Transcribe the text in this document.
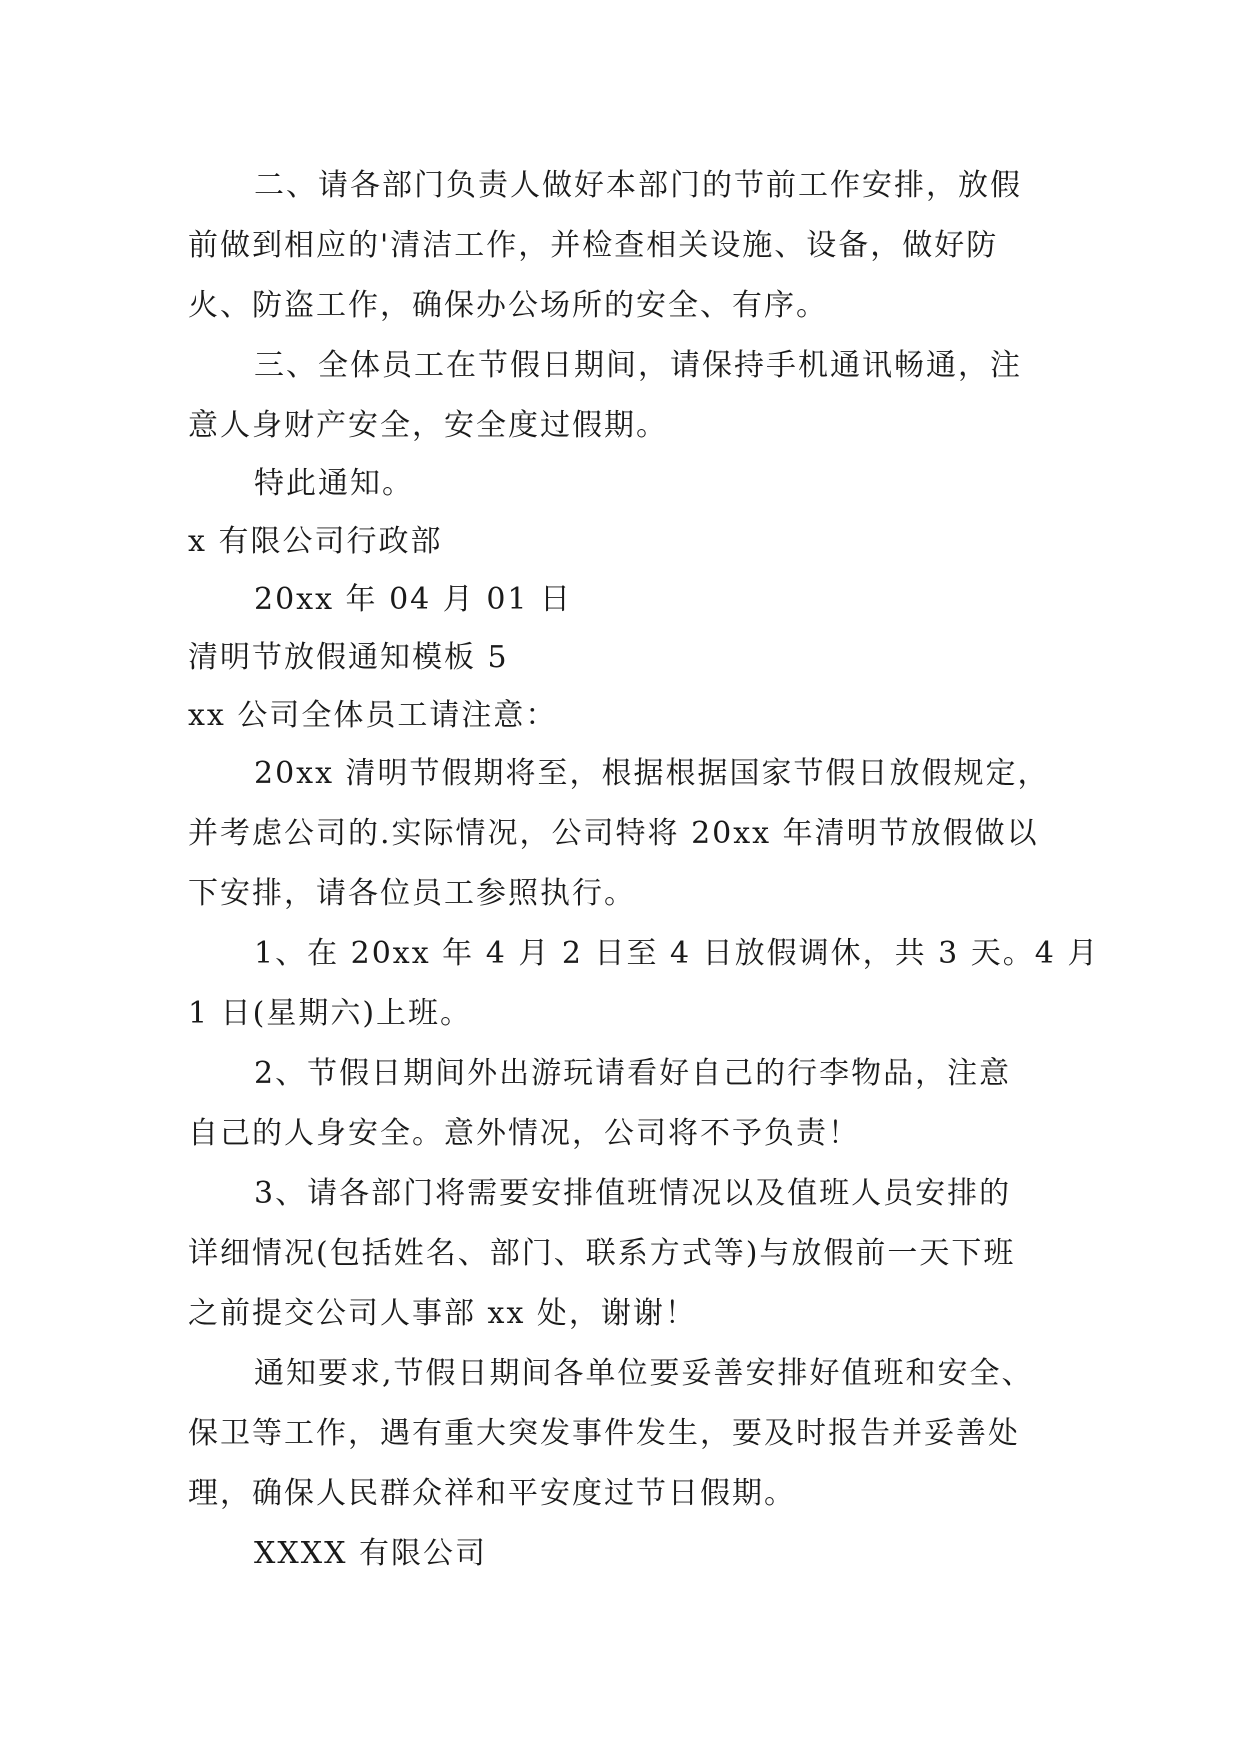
二、请各部门负责人做好本部门的节前工作安排，放假
前做到相应的'清洁工作，并检查相关设施、设备，做好防
火、防盗工作，确保办公场所的安全、有序。
三、全体员工在节假日期间，请保持手机通讯畅通，注
意人身财产安全，安全度过假期。
特此通知。
x 有限公司行政部
20xx 年 04 月 01 日
清明节放假通知模板 5
xx 公司全体员工请注意：
20xx 清明节假期将至，根据根据国家节假日放假规定，
并考虑公司的.实际情况，公司特将 20xx 年清明节放假做以
下安排，请各位员工参照执行。
1、在 20xx 年 4 月 2 日至 4 日放假调休，共 3 天。4 月
1 日(星期六)上班。
2、节假日期间外出游玩请看好自己的行李物品，注意
自己的人身安全。意外情况，公司将不予负责！
3、请各部门将需要安排值班情况以及值班人员安排的
详细情况(包括姓名、部门、联系方式等)与放假前一天下班
之前提交公司人事部 xx 处，谢谢！
通知要求,节假日期间各单位要妥善安排好值班和安全、
保卫等工作，遇有重大突发事件发生，要及时报告并妥善处
理，确保人民群众祥和平安度过节日假期。
XXXX 有限公司
